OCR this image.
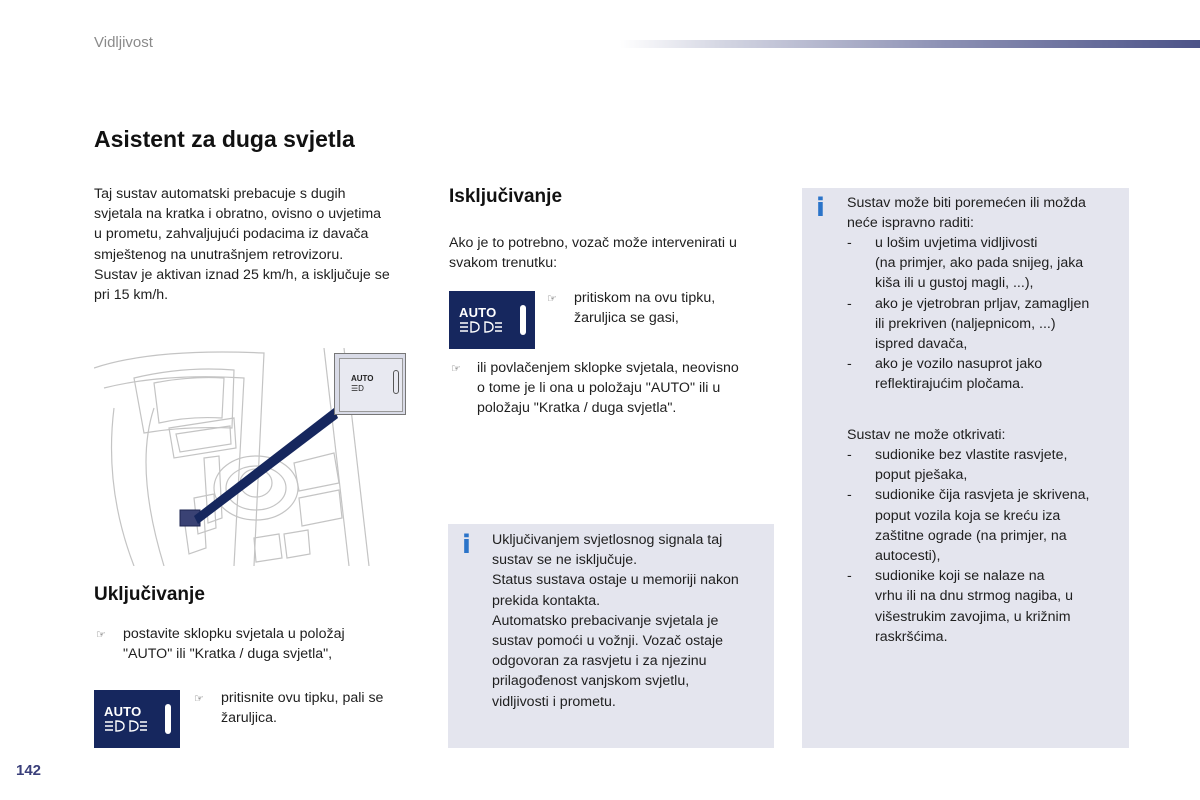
Vidljivost
Asistent za duga svjetla
Taj sustav automatski prebacuje s dugih
svjetala na kratka i obratno, ovisno o uvjetima
u prometu, zahvaljujući podacima iz davača
smještenog na unutrašnjem retrovizoru.
Sustav je aktivan iznad 25 km/h, a isključuje se
pri 15 km/h.
AUTO
☰D
Uključivanje
☞ postavite sklopku svjetala u položaj
"AUTO" ili "Kratka / duga svjetla",
AUTO
☞ pritisnite ovu tipku, pali se
žaruljica.
Isključivanje
Ako je to potrebno, vozač može intervenirati u
svakom trenutku:
AUTO
☞ pritiskom na ovu tipku,
žaruljica se gasi,
☞ ili povlačenjem sklopke svjetala, neovisno
o tome je li ona u položaju "AUTO" ili u
položaju "Kratka / duga svjetla".
i Uključivanjem svjetlosnog signala taj
sustav se ne isključuje.
Status sustava ostaje u memoriji nakon
prekida kontakta.
Automatsko prebacivanje svjetala je
sustav pomoći u vožnji. Vozač ostaje
odgovoran za rasvjetu i za njezinu
prilagođenost vanjskom svjetlu,
vidljivosti i prometu.
i Sustav može biti poremećen ili možda
neće ispravno raditi:
- u lošim uvjetima vidljivosti
(na primjer, ako pada snijeg, jaka
kiša ili u gustoj magli, ...),
- ako je vjetrobran prljav, zamagljen
ili prekriven (naljepnicom, ...)
ispred davača,
- ako je vozilo nasuprot jako
reflektirajućim pločama.
Sustav ne može otkrivati:
- sudionike bez vlastite rasvjete,
poput pješaka,
- sudionike čija rasvjeta je skrivena,
poput vozila koja se kreću iza
zaštitne ograde (na primjer, na
autocesti),
- sudionike koji se nalaze na
vrhu ili na dnu strmog nagiba, u
višestrukim zavojima, u križnim
raskršćima.
142
